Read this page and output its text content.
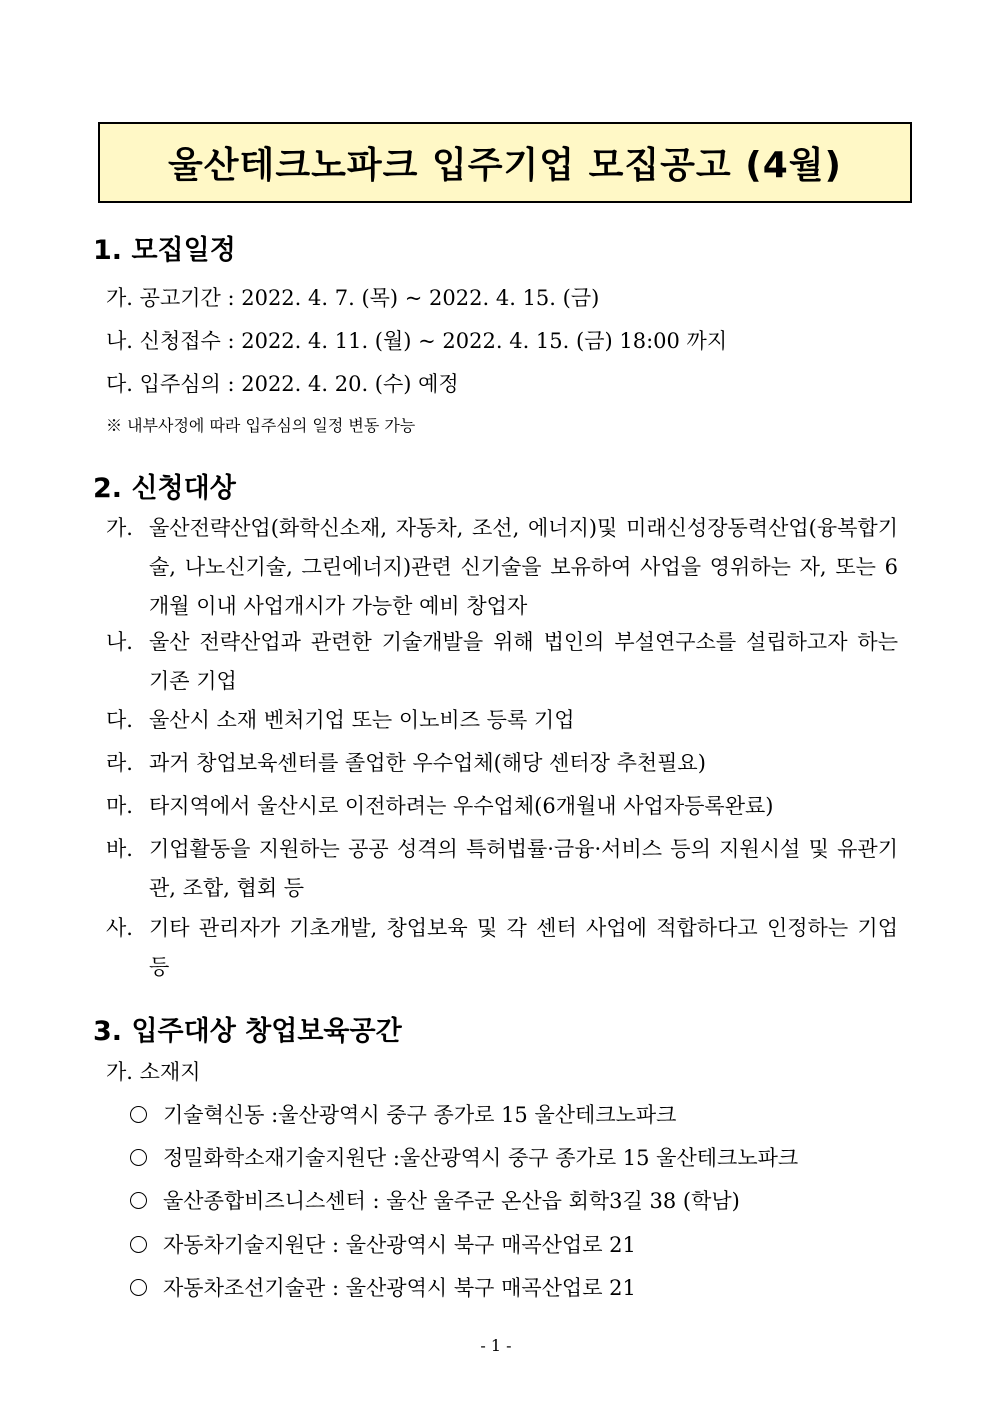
울산테크노파크 입주기업 모집공고 (4월)
1. 모집일정
가. 공고기간 : 2022. 4. 7. (목) ~ 2022. 4. 15. (금)
나. 신청접수 : 2022. 4. 11. (월) ~ 2022. 4. 15. (금) 18:00 까지
다. 입주심의 : 2022. 4. 20. (수) 예정
※ 내부사정에 따라 입주심의 일정 변동 가능
2. 신청대상
가. 울산전략산업(화학신소재, 자동차, 조선, 에너지)및 미래신성장동력산업(융복합기술, 나노신기술, 그린에너지)관련 신기술을 보유하여 사업을 영위하는 자, 또는 6개월 이내 사업개시가 가능한 예비 창업자
나. 울산 전략산업과 관련한 기술개발을 위해 법인의 부설연구소를 설립하고자 하는 기존 기업
다. 울산시 소재 벤처기업 또는 이노비즈 등록 기업
라. 과거 창업보육센터를 졸업한 우수업체(해당 센터장 추천필요)
마. 타지역에서 울산시로 이전하려는 우수업체(6개월내 사업자등록완료)
바. 기업활동을 지원하는 공공 성격의 특허법률·금융·서비스 등의 지원시설 및 유관기관, 조합, 협회 등
사. 기타 관리자가 기초개발, 창업보육 및 각 센터 사업에 적합하다고 인정하는 기업 등
3. 입주대상 창업보육공간
가. 소재지
기술혁신동 :울산광역시 중구 종가로 15 울산테크노파크
정밀화학소재기술지원단 :울산광역시 중구 종가로 15 울산테크노파크
울산종합비즈니스센터 : 울산 울주군 온산읍 회학3길 38 (학남)
자동차기술지원단 : 울산광역시 북구 매곡산업로 21
자동차조선기술관 : 울산광역시 북구 매곡산업로 21
- 1 -
